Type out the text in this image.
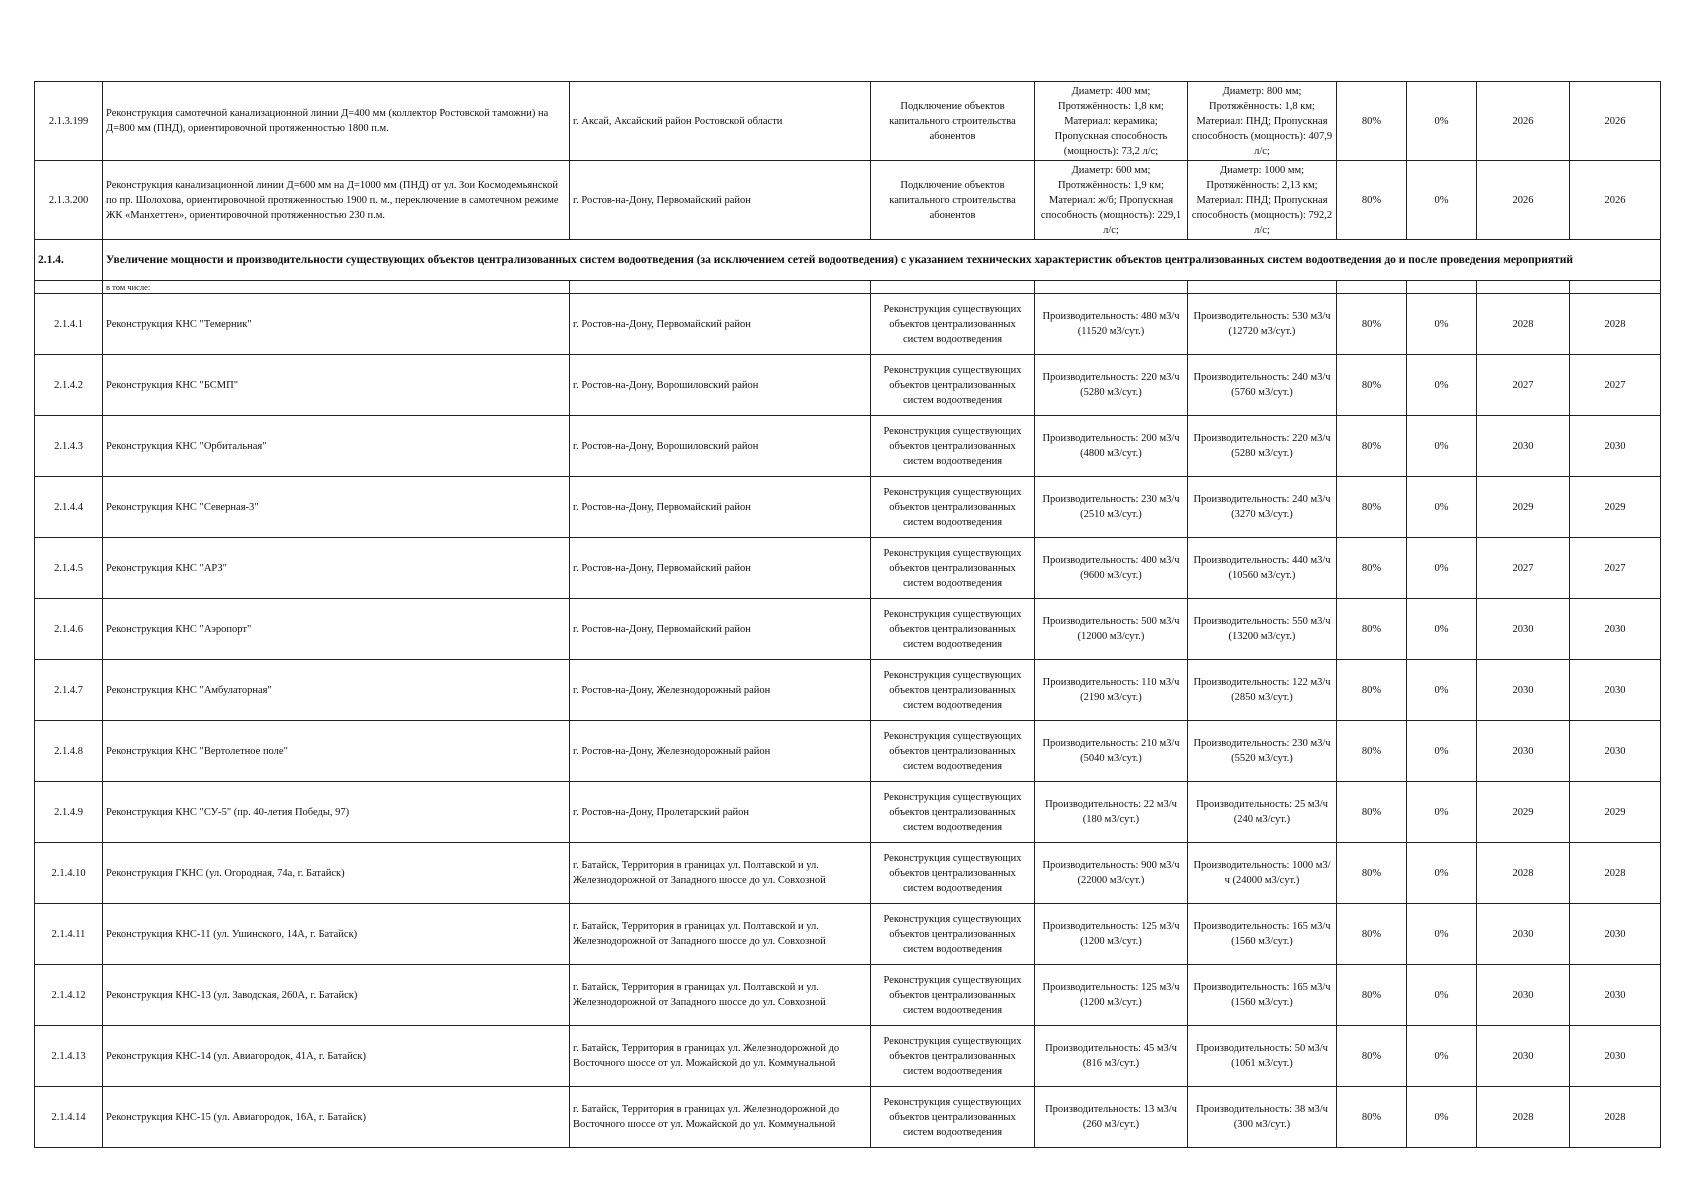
2.1.3.199	Реконструкция самотечной канализационной линии Д=400 мм (коллектор Ростовской таможни) на Д=800 мм (ПНД), ориентировочной протяженностью 1800 п.м.	г. Аксай, Аксайский район Ростовской области	Подключение объектов капитального строительства абонентов	Диаметр: 400 мм; Протяжённость: 1,8 км; Материал: керамика; Пропускная способность (мощность): 73,2 л/с;	Диаметр: 800 мм; Протяжённость: 1,8 км; Материал: ПНД; Пропускная способность (мощность): 407,9 л/с;	80%	0%	2026	2026
2.1.3.200	Реконструкция канализационной линии Д=600 мм на Д=1000 мм (ПНД) от ул. Зои Космодемьянской по пр. Шолохова, ориентировочной протяженностью 1900 п. м., переключение в самотечном режиме ЖК «Манхеттен», ориентировочной протяженностью 230 п.м.	г. Ростов-на-Дону, Первомайский район	Подключение объектов капитального строительства абонентов	Диаметр: 600 мм; Протяжённость: 1,9 км; Материал: ж/б; Пропускная способность (мощность): 229,1 л/с;	Диаметр: 1000 мм; Протяжённость: 2,13 км; Материал: ПНД; Пропускная способность (мощность): 792,2 л/с;	80%	0%	2026	2026
2.1.4.	Увеличение мощности и производительности существующих объектов централизованных систем водоотведения (за исключением сетей водоотведения) с указанием технических характеристик объектов централизованных систем водоотведения до и после проведения мероприятий								
	в том числе:								
2.1.4.1	Реконструкция КНС "Темерник"	г. Ростов-на-Дону, Первомайский район	Реконструкция существующих объектов централизованных систем водоотведения	Производительность: 480 м3/ч (11520 м3/сут.)	Производительность: 530 м3/ч (12720 м3/сут.)	80%	0%	2028	2028
2.1.4.2	Реконструкция КНС "БСМП"	г. Ростов-на-Дону, Ворошиловский район	Реконструкция существующих объектов централизованных систем водоотведения	Производительность: 220 м3/ч (5280 м3/сут.)	Производительность: 240 м3/ч (5760 м3/сут.)	80%	0%	2027	2027
2.1.4.3	Реконструкция КНС "Орбитальная"	г. Ростов-на-Дону, Ворошиловский район	Реконструкция существующих объектов централизованных систем водоотведения	Производительность: 200 м3/ч (4800 м3/сут.)	Производительность: 220 м3/ч (5280 м3/сут.)	80%	0%	2030	2030
2.1.4.4	Реконструкция КНС "Северная-3"	г. Ростов-на-Дону, Первомайский район	Реконструкция существующих объектов централизованных систем водоотведения	Производительность: 230 м3/ч (2510 м3/сут.)	Производительность: 240 м3/ч (3270 м3/сут.)	80%	0%	2029	2029
2.1.4.5	Реконструкция КНС "АРЗ"	г. Ростов-на-Дону, Первомайский район	Реконструкция существующих объектов централизованных систем водоотведения	Производительность: 400 м3/ч (9600 м3/сут.)	Производительность: 440 м3/ч (10560 м3/сут.)	80%	0%	2027	2027
2.1.4.6	Реконструкция КНС "Аэропорт"	г. Ростов-на-Дону, Первомайский район	Реконструкция существующих объектов централизованных систем водоотведения	Производительность: 500 м3/ч (12000 м3/сут.)	Производительность: 550 м3/ч (13200 м3/сут.)	80%	0%	2030	2030
2.1.4.7	Реконструкция КНС "Амбулаторная"	г. Ростов-на-Дону, Железнодорожный район	Реконструкция существующих объектов централизованных систем водоотведения	Производительность: 110 м3/ч (2190 м3/сут.)	Производительность: 122 м3/ч (2850 м3/сут.)	80%	0%	2030	2030
2.1.4.8	Реконструкция КНС "Вертолетное поле"	г. Ростов-на-Дону, Железнодорожный район	Реконструкция существующих объектов централизованных систем водоотведения	Производительность: 210 м3/ч (5040 м3/сут.)	Производительность: 230 м3/ч (5520 м3/сут.)	80%	0%	2030	2030
2.1.4.9	Реконструкция КНС "СУ-5" (пр. 40-летия Победы, 97)	г. Ростов-на-Дону, Пролетарский район	Реконструкция существующих объектов централизованных систем водоотведения	Производительность: 22 м3/ч (180 м3/сут.)	Производительность: 25 м3/ч (240 м3/сут.)	80%	0%	2029	2029
2.1.4.10	Реконструкция ГКНС (ул. Огородная, 74а, г. Батайск)	г. Батайск, Территория в границах ул. Полтавской и ул. Железнодорожной от Западного шоссе до ул. Совхозной	Реконструкция существующих объектов централизованных систем водоотведения	Производительность: 900 м3/ч (22000 м3/сут.)	Производительность: 1000 м3/ч (24000 м3/сут.)	80%	0%	2028	2028
2.1.4.11	Реконструкция КНС-11 (ул. Ушинского, 14А, г. Батайск)	г. Батайск, Территория в границах ул. Полтавской и ул. Железнодорожной от Западного шоссе до ул. Совхозной	Реконструкция существующих объектов централизованных систем водоотведения	Производительность: 125 м3/ч (1200 м3/сут.)	Производительность: 165 м3/ч (1560 м3/сут.)	80%	0%	2030	2030
2.1.4.12	Реконструкция КНС-13 (ул. Заводская, 260А, г. Батайск)	г. Батайск, Территория в границах ул. Полтавской и ул. Железнодорожной от Западного шоссе до ул. Совхозной	Реконструкция существующих объектов централизованных систем водоотведения	Производительность: 125 м3/ч (1200 м3/сут.)	Производительность: 165 м3/ч (1560 м3/сут.)	80%	0%	2030	2030
2.1.4.13	Реконструкция КНС-14 (ул. Авиагородок, 41А, г. Батайск)	г. Батайск, Территория в границах ул. Железнодорожной до Восточного шоссе от ул. Можайской до ул. Коммунальной	Реконструкция существующих объектов централизованных систем водоотведения	Производительность: 45 м3/ч (816 м3/сут.)	Производительность: 50 м3/ч (1061 м3/сут.)	80%	0%	2030	2030
2.1.4.14	Реконструкция КНС-15 (ул. Авиагородок, 16А, г. Батайск)	г. Батайск, Территория в границах ул. Железнодорожной до Восточного шоссе от ул. Можайской до ул. Коммунальной	Реконструкция существующих объектов централизованных систем водоотведения	Производительность: 13 м3/ч (260 м3/сут.)	Производительность: 38 м3/ч (300 м3/сут.)	80%	0%	2028	2028
